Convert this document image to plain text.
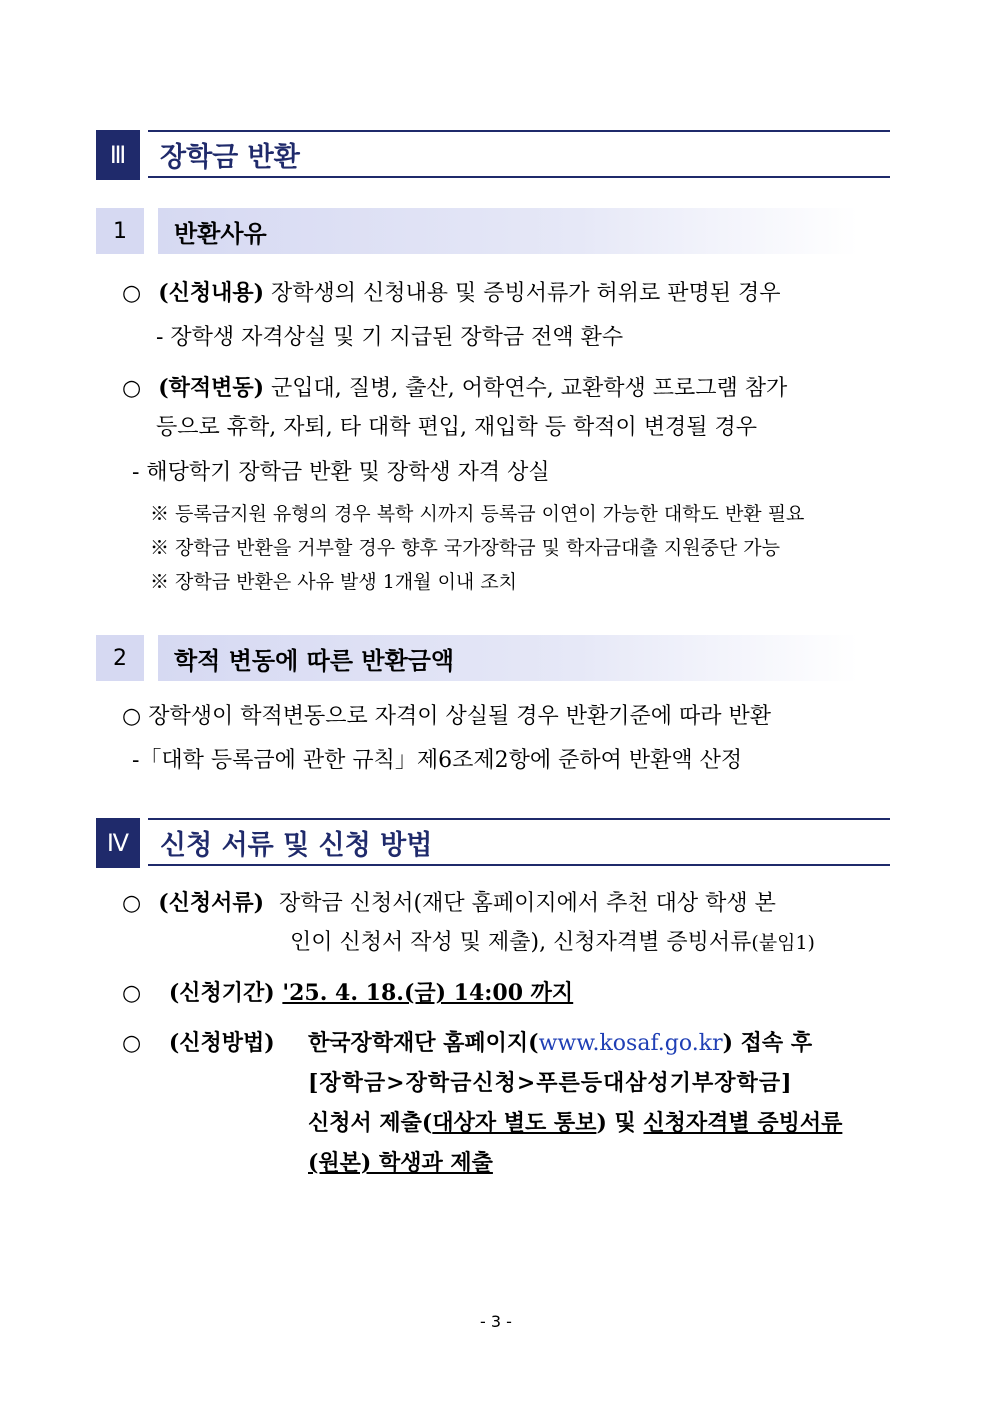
Ⅲ	장학금 반환
1	반환사유
○ (신청내용) 장학생의 신청내용 및 증빙서류가 허위로 판명된 경우
- 장학생 자격상실 및 기 지급된 장학금 전액 환수
○ (학적변동) 군입대, 질병, 출산, 어학연수, 교환학생 프로그램 참가
등으로 휴학, 자퇴, 타 대학 편입, 재입학 등 학적이 변경될 경우
- 해당학기 장학금 반환 및 장학생 자격 상실
※ 등록금지원 유형의 경우 복학 시까지 등록금 이연이 가능한 대학도 반환 필요
※ 장학금 반환을 거부할 경우 향후 국가장학금 및 학자금대출 지원중단 가능
※ 장학금 반환은 사유 발생 1개월 이내 조치
2	학적 변동에 따른 반환금액
○ 장학생이 학적변동으로 자격이 상실될 경우 반환기준에 따라 반환
-「대학 등록금에 관한 규칙」제6조제2항에 준하여 반환액 산정
Ⅳ	신청 서류 및 신청 방법
○ (신청서류) 장학금 신청서(재단 홈페이지에서 추천 대상 학생 본
인이 신청서 작성 및 제출), 신청자격별 증빙서류(붙임1)
○ (신청기간) '25. 4. 18.(금) 14:00 까지
○ (신청방법) 한국장학재단 홈페이지(www.kosaf.go.kr) 접속 후
[장학금>장학금신청>푸른등대삼성기부장학금]
신청서 제출(대상자 별도 통보) 및 신청자격별 증빙서류
(원본) 학생과 제출
- 3 -
